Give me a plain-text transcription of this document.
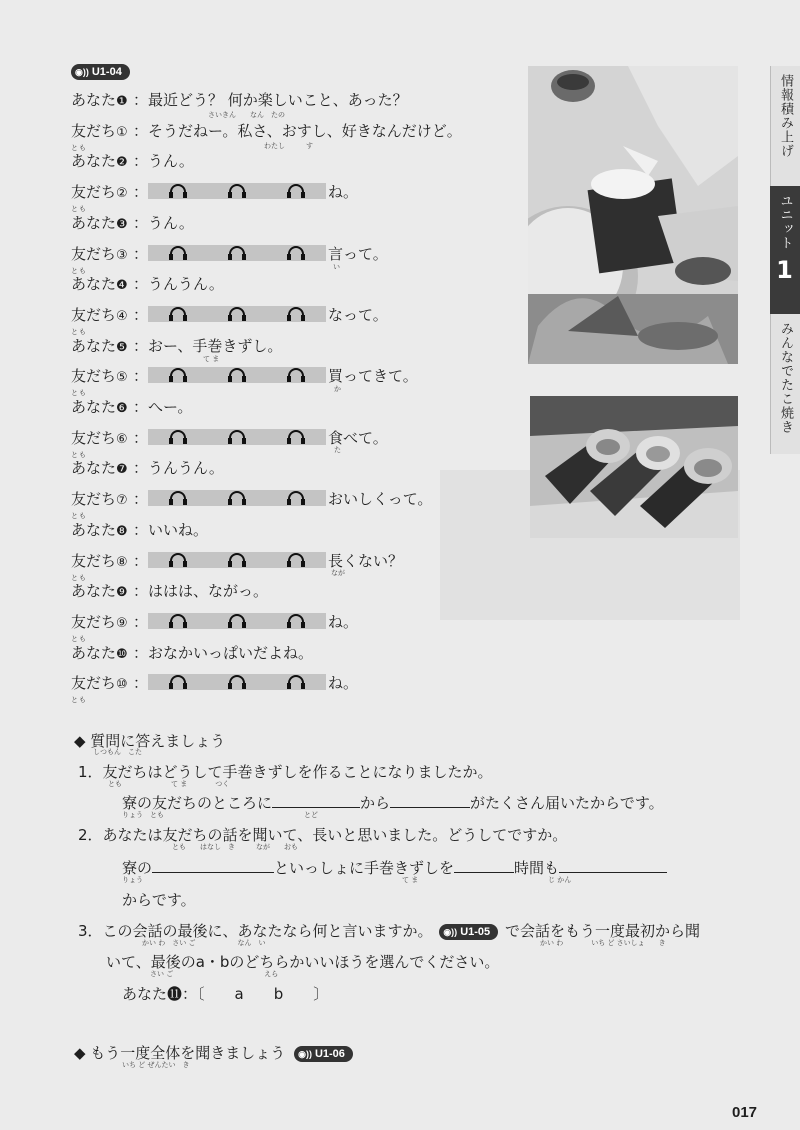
◉)) U1-04
あなた❶ ：最近どう？ 何か楽しいこと、あった？
友だち①
とも
：そうだねー。私さ、おすし、好きなんだけど。
あなた❷ ：うん。
友だち②
とも
：	ね。
あなた❸ ：うん。
友だち③
とも
：	言って。
あなた❹ ：うんうん。
友だち④
とも
：	なって。
あなた❺ ：おー、手巻きずし。
友だち⑤
とも
：	買ってきて。
あなた❻ ：へー。
友だち⑥
とも
：	食べて。
あなた❼ ：うんうん。
友だち⑦
とも
：	おいしくって。
あなた❽ ：いいね。
友だち⑧
とも
：	長くない？
あなた❾ ：ははは、ながっ。
友だち⑨
とも
：	ね。
あなた❿ ：おなかいっぱいだよね。
友だち⑩
とも
：	ね。
さいきん　　なん　たの
わたし　　　す
い
て ま
か
た
なが
情報積み上げ
ユニット
1
みんなでたこ焼き
◆ 質問に答えましょう
しつもん　こた
1．友だちはどうして手巻きずしを作ることになりましたか。
とも　　　　　　　て ま　　　　つく
寮の友だちのところに	から	がたくさん届いたからです。
りょう　とも　　　　　　　　　　　　　　　　　　　　とど
2．あなたは友だちの話を聞いて、長いと思いました。どうしてですか。
とも　　はなし　き　　　なが　　おも
寮の	といっしょに手巻きずしを	時間も
りょう	て ま	じ かん
からです。
3．この会話の最後に、あなたなら何と言いますか。 ◉)) U1-05 で会話をもう一度最初から聞
かい わ　さい ご　　　　　　なん　い	かい わ　　　　いち ど さいしょ　　き
いて、最後のa・bのどちらかいいほうを選んでください。
さい ご　　　　　　　　　　　　　えら
あなた⓫：〔　　a　　b　　〕
◆ もう一度全体を聞きましょう ◉)) U1-06
いち ど ぜんたい　き
017
